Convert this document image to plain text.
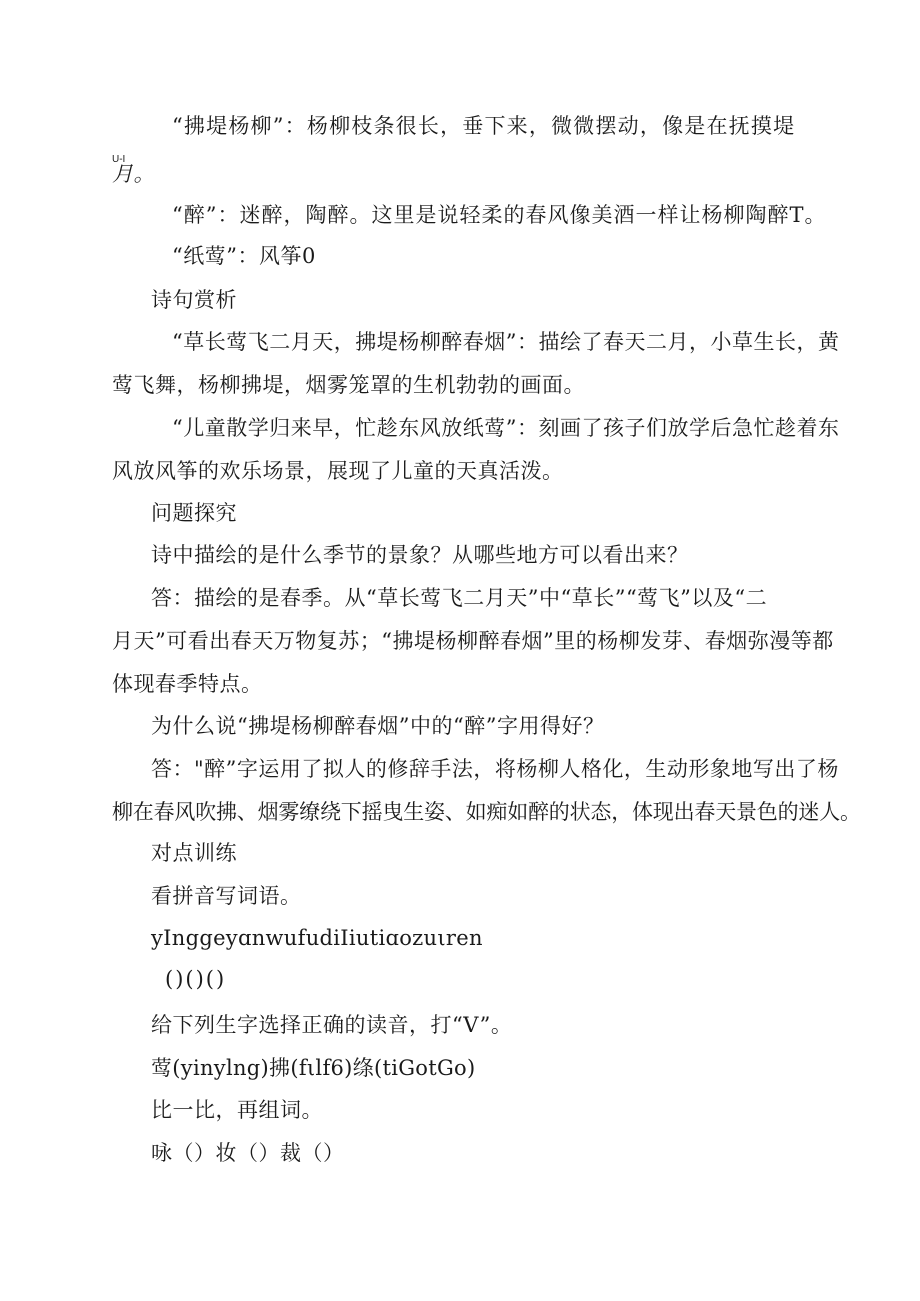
“拂堤杨柳”：杨柳枝条很长，垂下来，微微摆动，像是在抚摸堤
U-I
月。
“醉”：迷醉，陶醉。这里是说轻柔的春风像美酒一样让杨柳陶醉T。
“纸莺”：风筝0
诗句赏析
“草长莺飞二月天，拂堤杨柳醉春烟”：描绘了春天二月，小草生长，黄
莺飞舞，杨柳拂堤，烟雾笼罩的生机勃勃的画面。
“儿童散学归来早，忙趁东风放纸莺”：刻画了孩子们放学后急忙趁着东
风放风筝的欢乐场景，展现了儿童的天真活泼。
问题探究
诗中描绘的是什么季节的景象？从哪些地方可以看出来？
答：描绘的是春季。从“草长莺飞二月天”中“草长”“莺飞”以及“二
月天”可看出春天万物复苏；“拂堤杨柳醉春烟”里的杨柳发芽、春烟弥漫等都
体现春季特点。
为什么说“拂堤杨柳醉春烟”中的“醉”字用得好？
答："醉”字运用了拟人的修辞手法，将杨柳人格化，生动形象地写出了杨
柳在春风吹拂、烟雾缭绕下摇曳生姿、如痴如醉的状态，体现出春天景色的迷人。
对点训练
看拼音写词语。
yInggeyɑnwufudiIiutiɑozuιren
()()()
给下列生字选择正确的读音，打“V”。
莺(yinylng)拂(fιlf6)绦(tiGotGo)
比一比，再组词。
咏（）妆（）裁（）
